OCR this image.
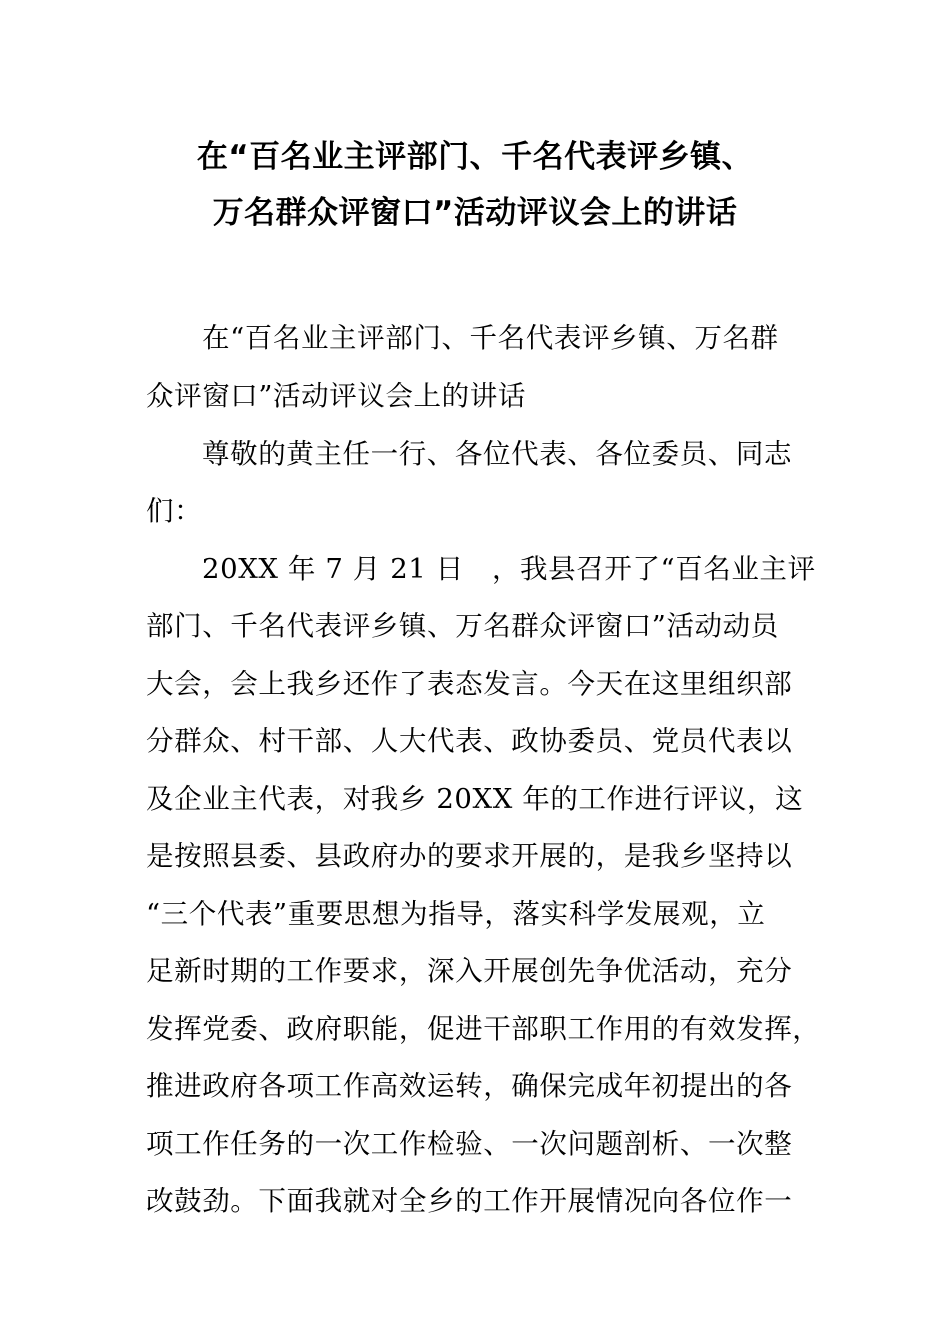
在“百名业主评部门、千名代表评乡镇、
万名群众评窗口”活动评议会上的讲话
在“百名业主评部门、千名代表评乡镇、万名群
众评窗口”活动评议会上的讲话
尊敬的黄主任一行、各位代表、各位委员、同志
们：
20XX 年 7 月 21 日　，我县召开了“百名业主评
部门、千名代表评乡镇、万名群众评窗口”活动动员
大会，会上我乡还作了表态发言。今天在这里组织部
分群众、村干部、人大代表、政协委员、党员代表以
及企业主代表，对我乡 20XX 年的工作进行评议，这
是按照县委、县政府办的要求开展的，是我乡坚持以
“三个代表”重要思想为指导，落实科学发展观，立
足新时期的工作要求，深入开展创先争优活动，充分
发挥党委、政府职能，促进干部职工作用的有效发挥，
推进政府各项工作高效运转，确保完成年初提出的各
项工作任务的一次工作检验、一次问题剖析、一次整
改鼓劲。下面我就对全乡的工作开展情况向各位作一
